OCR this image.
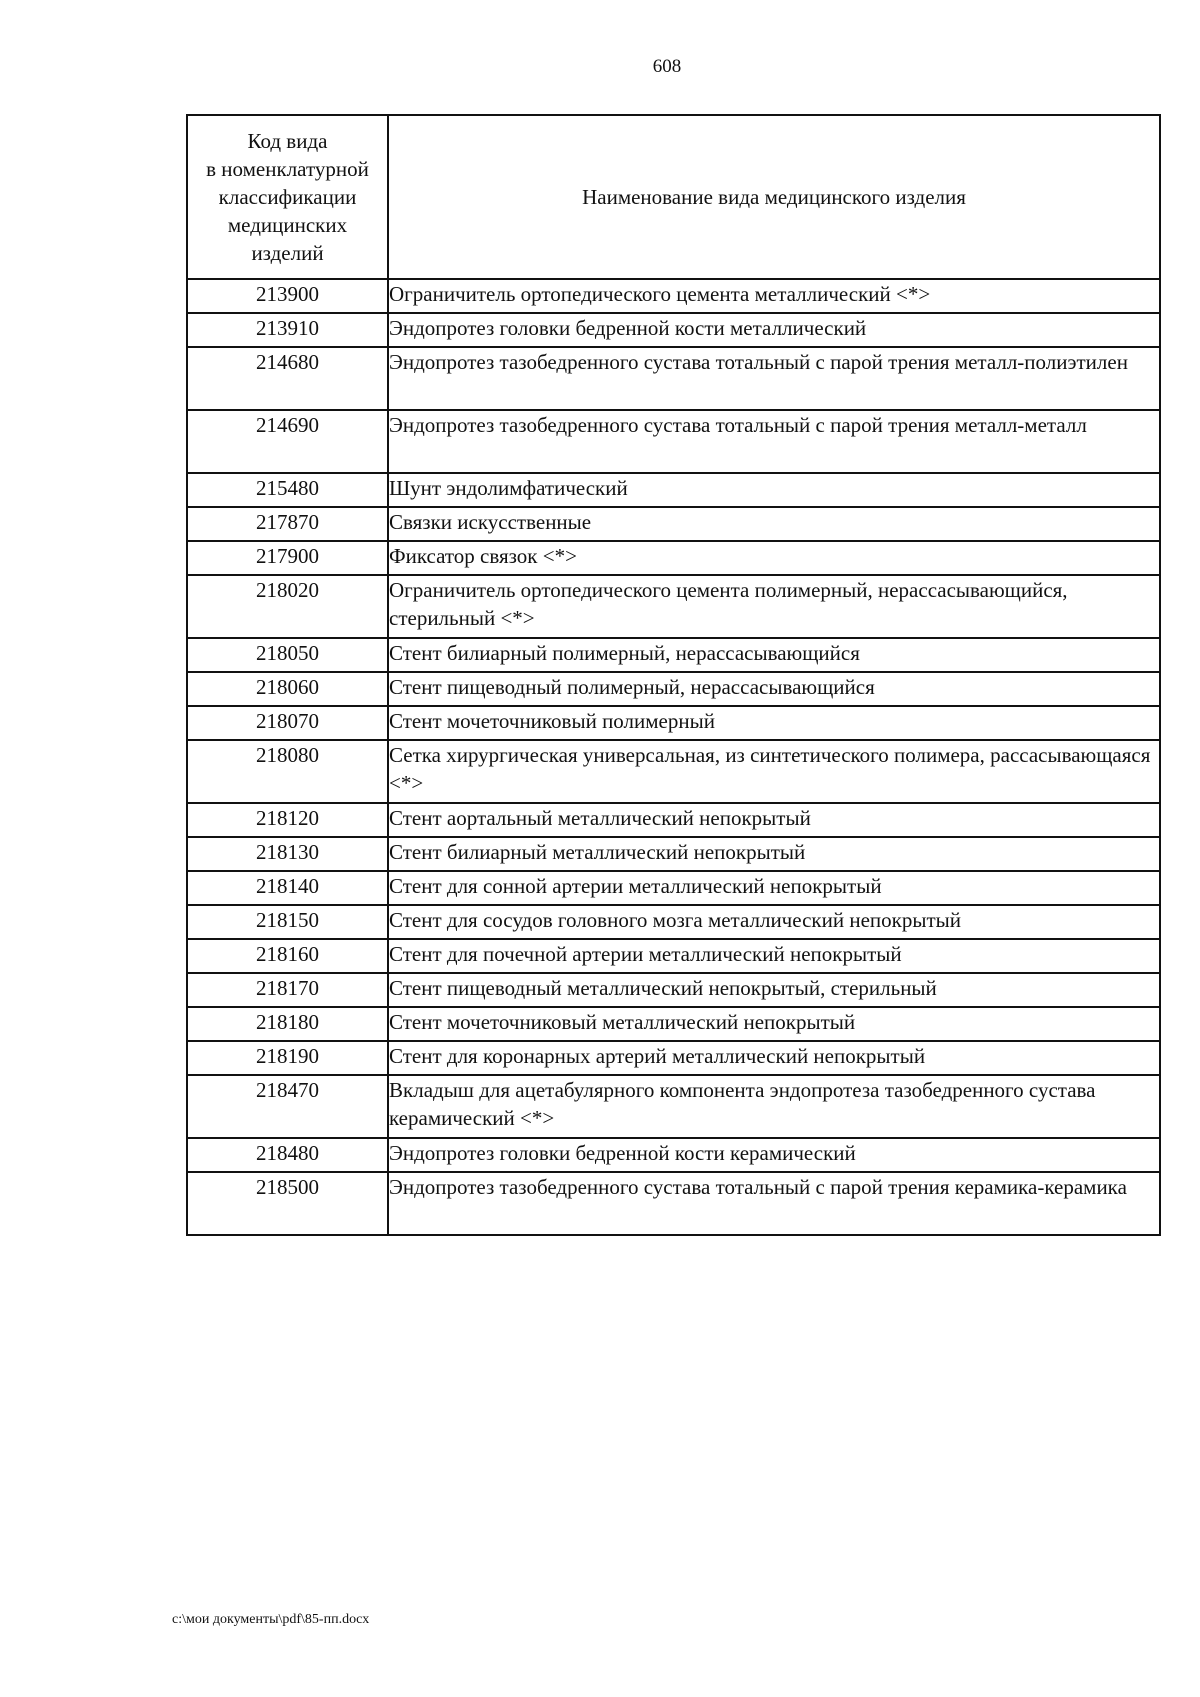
608
Код вида
в номенклатурной
классификации
медицинских
изделий	Наименование вида медицинского изделия
213900	Ограничитель ортопедического цемента металлический <*>
213910	Эндопротез головки бедренной кости металлический
214680	Эндопротез тазобедренного сустава тотальный с парой трения металл-полиэтилен
214690	Эндопротез тазобедренного сустава тотальный с парой трения металл-металл
215480	Шунт эндолимфатический
217870	Связки искусственные
217900	Фиксатор связок <*>
218020	Ограничитель ортопедического цемента полимерный, нерассасывающийся, стерильный <*>
218050	Стент билиарный полимерный, нерассасывающийся
218060	Стент пищеводный полимерный, нерассасывающийся
218070	Стент мочеточниковый полимерный
218080	Сетка хирургическая универсальная, из синтетического полимера, рассасывающаяся <*>
218120	Стент аортальный металлический непокрытый
218130	Стент билиарный металлический непокрытый
218140	Стент для сонной артерии металлический непокрытый
218150	Стент для сосудов головного мозга металлический непокрытый
218160	Стент для почечной артерии металлический непокрытый
218170	Стент пищеводный металлический непокрытый, стерильный
218180	Стент мочеточниковый металлический непокрытый
218190	Стент для коронарных артерий металлический непокрытый
218470	Вкладыш для ацетабулярного компонента эндопротеза тазобедренного сустава керамический <*>
218480	Эндопротез головки бедренной кости керамический
218500	Эндопротез тазобедренного сустава тотальный с парой трения керамика-керамика
c:\мои документы\pdf\85-пп.docx
